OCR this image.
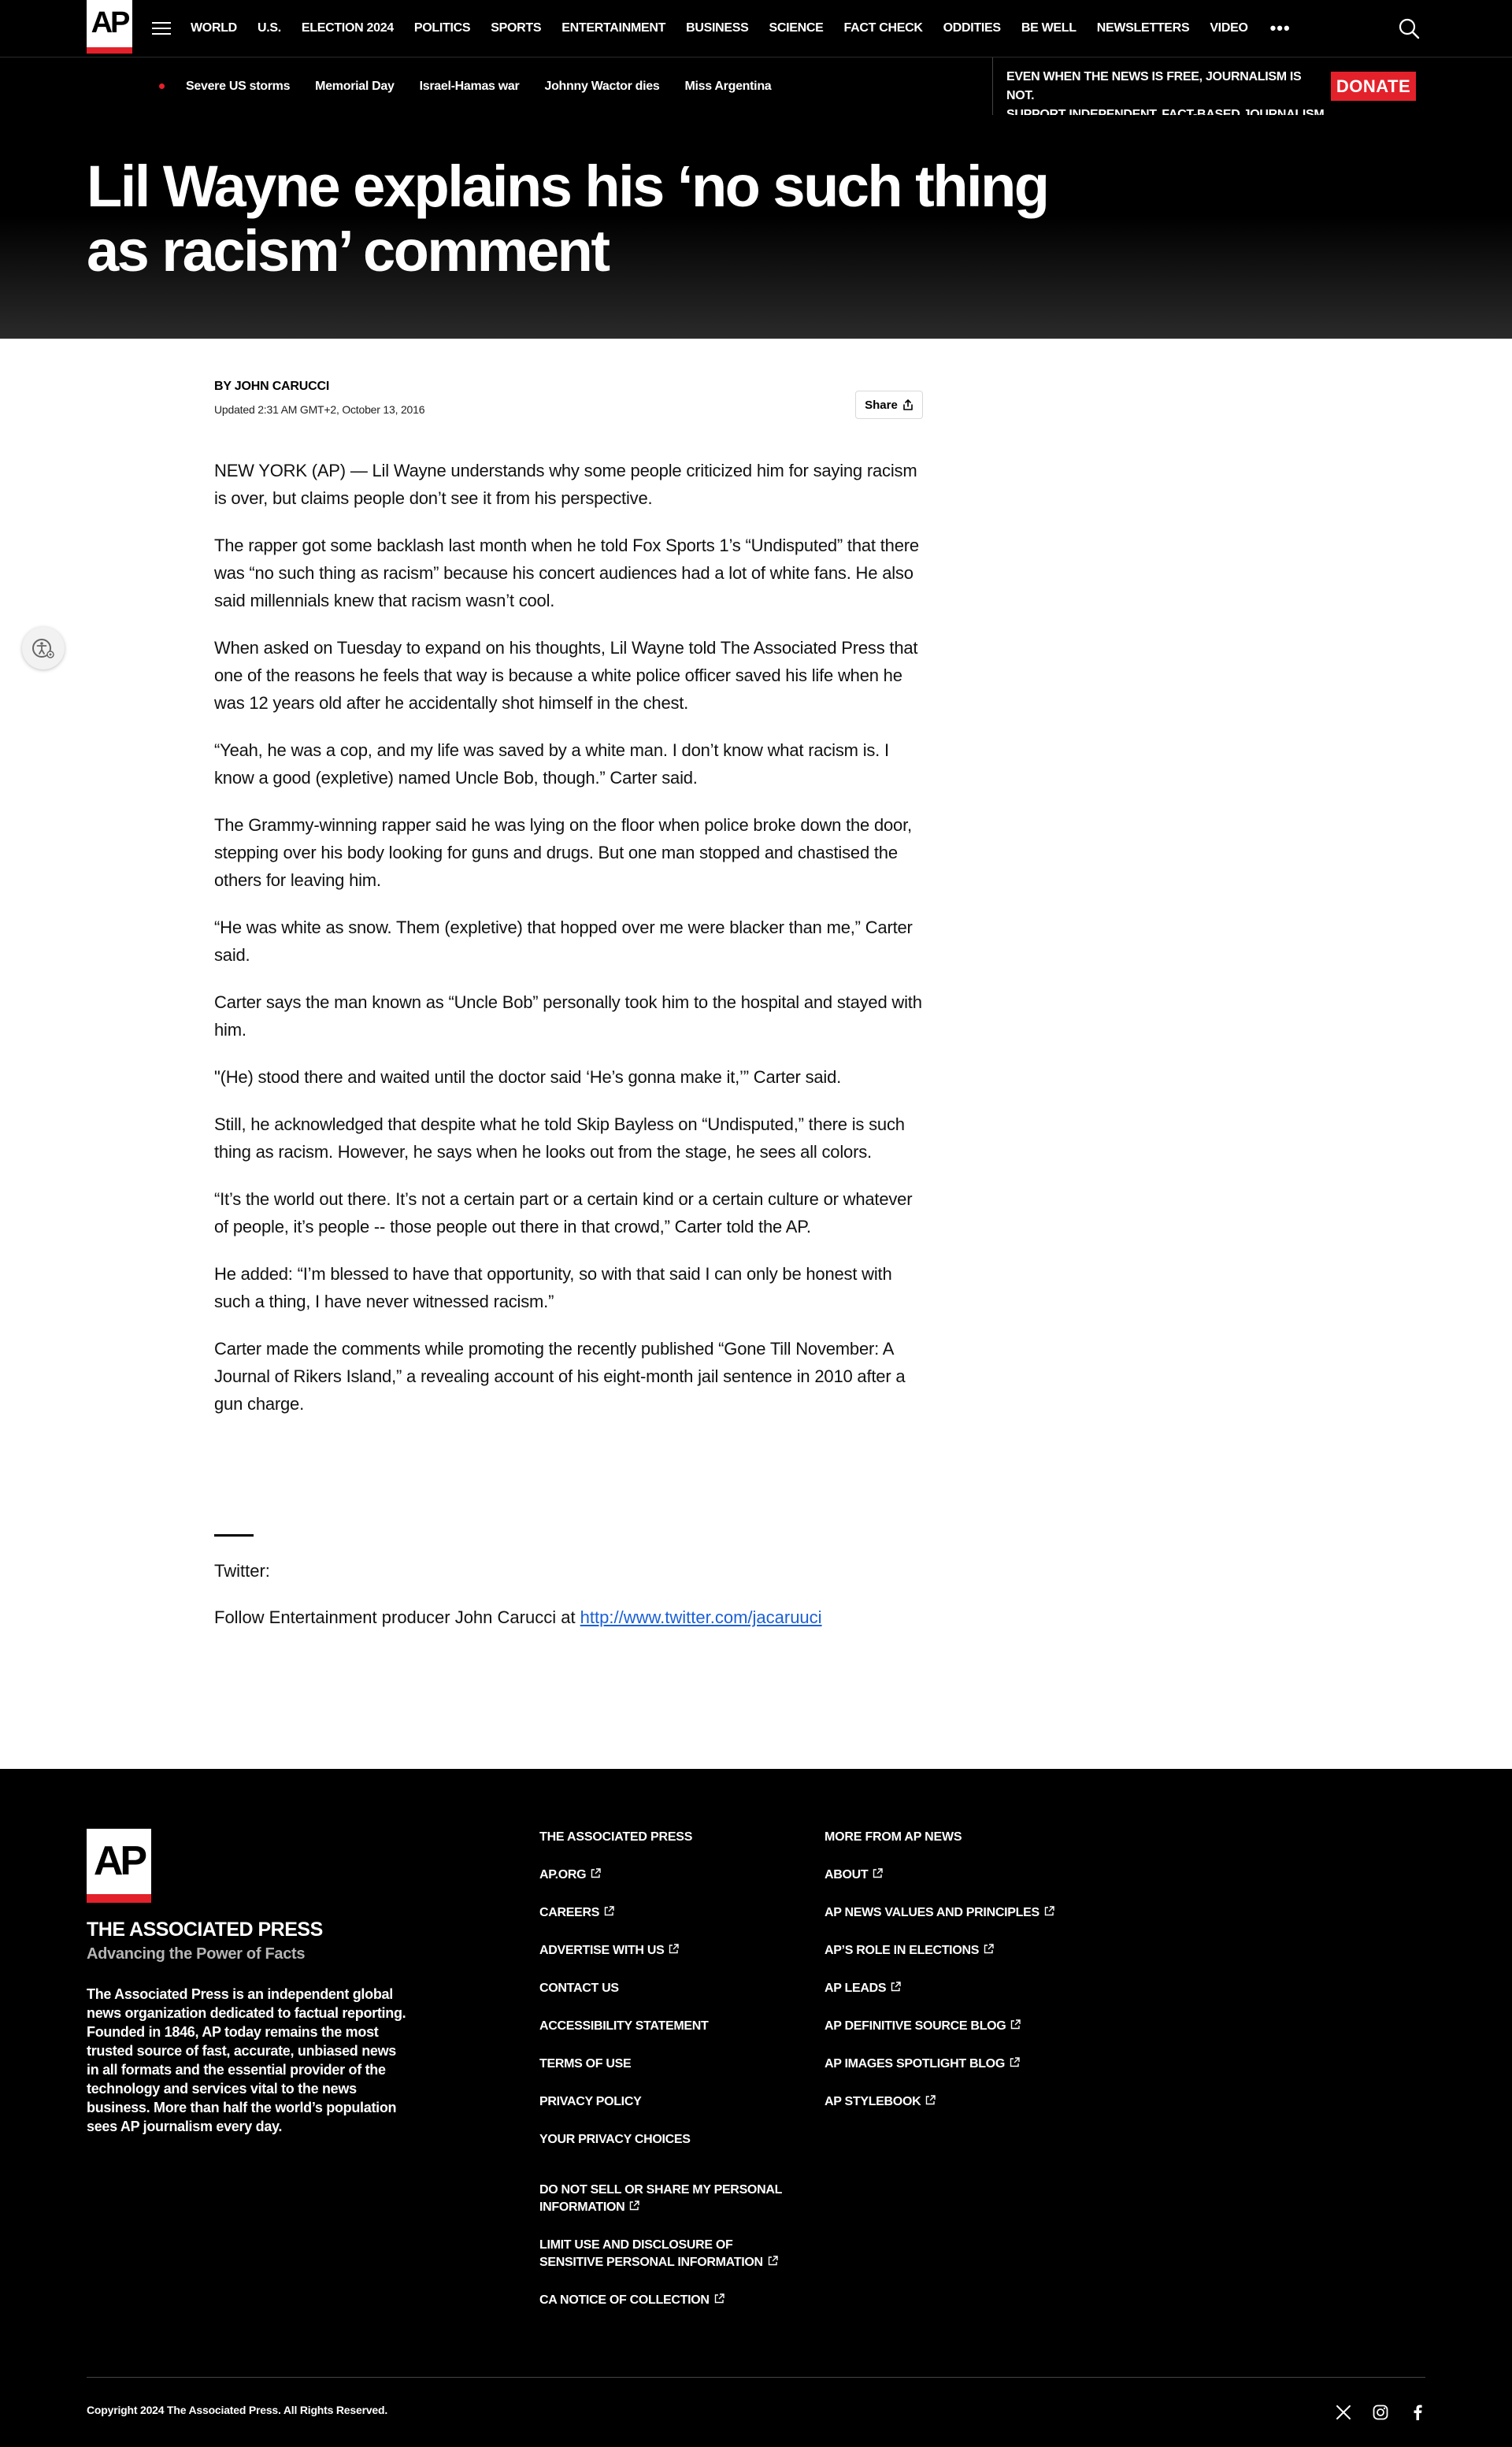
AP	WORLD U.S. ELECTION 2024 POLITICS SPORTS ENTERTAINMENT BUSINESS SCIENCE FACT CHECK ODDITIES BE WELL NEWSLETTERS VIDEO •••
Severe US storms Memorial Day Israel-Hamas war Johnny Wactor dies Miss Argentina
EVEN WHEN THE NEWS IS FREE, JOURNALISM IS NOT.	DONATE
Lil Wayne explains his ‘no such thing as racism’ comment
BY JOHN CARUCCI
Updated 2:31 AM GMT+2, October 13, 2016	Share

NEW YORK (AP) — Lil Wayne understands why some people criticized him for saying racism is over, but claims people don’t see it from his perspective.

The rapper got some backlash last month when he told Fox Sports 1’s “Undisputed” that there was “no such thing as racism” because his concert audiences had a lot of white fans. He also said millennials knew that racism wasn’t cool.

When asked on Tuesday to expand on his thoughts, Lil Wayne told The Associated Press that one of the reasons he feels that way is because a white police officer saved his life when he was 12 years old after he accidentally shot himself in the chest.

“Yeah, he was a cop, and my life was saved by a white man. I don’t know what racism is. I know a good (expletive) named Uncle Bob, though.” Carter said.

The Grammy-winning rapper said he was lying on the floor when police broke down the door, stepping over his body looking for guns and drugs. But one man stopped and chastised the others for leaving him.

“He was white as snow. Them (expletive) that hopped over me were blacker than me,” Carter said.

Carter says the man known as “Uncle Bob” personally took him to the hospital and stayed with him.

"(He) stood there and waited until the doctor said ‘He’s gonna make it,’” Carter said.

Still, he acknowledged that despite what he told Skip Bayless on “Undisputed,” there is such thing as racism. However, he says when he looks out from the stage, he sees all colors.

“It’s the world out there. It’s not a certain part or a certain kind or a certain culture or whatever of people, it’s people -- those people out there in that crowd,” Carter told the AP.

He added: “I’m blessed to have that opportunity, so with that said I can only be honest with such a thing, I have never witnessed racism.”

Carter made the comments while promoting the recently published “Gone Till November: A Journal of Rikers Island,” a revealing account of his eight-month jail sentence in 2010 after a gun charge.

Twitter:
Follow Entertainment producer John Carucci at http://www.twitter.com/jacaruuci
AP
THE ASSOCIATED PRESS
Advancing the Power of Facts
The Associated Press is an independent global news organization dedicated to factual reporting. Founded in 1846, AP today remains the most trusted source of fast, accurate, unbiased news in all formats and the essential provider of the technology and services vital to the news business. More than half the world’s population sees AP journalism every day.
THE ASSOCIATED PRESS
AP.ORG
CAREERS
ADVERTISE WITH US
CONTACT US
ACCESSIBILITY STATEMENT
TERMS OF USE
PRIVACY POLICY
YOUR PRIVACY CHOICES
DO NOT SELL OR SHARE MY PERSONAL INFORMATION
LIMIT USE AND DISCLOSURE OF SENSITIVE PERSONAL INFORMATION
CA NOTICE OF COLLECTION
MORE FROM AP NEWS
ABOUT
AP NEWS VALUES AND PRINCIPLES
AP’S ROLE IN ELECTIONS
AP LEADS
AP DEFINITIVE SOURCE BLOG
AP IMAGES SPOTLIGHT BLOG
AP STYLEBOOK
Copyright 2024 The Associated Press. All Rights Reserved.
